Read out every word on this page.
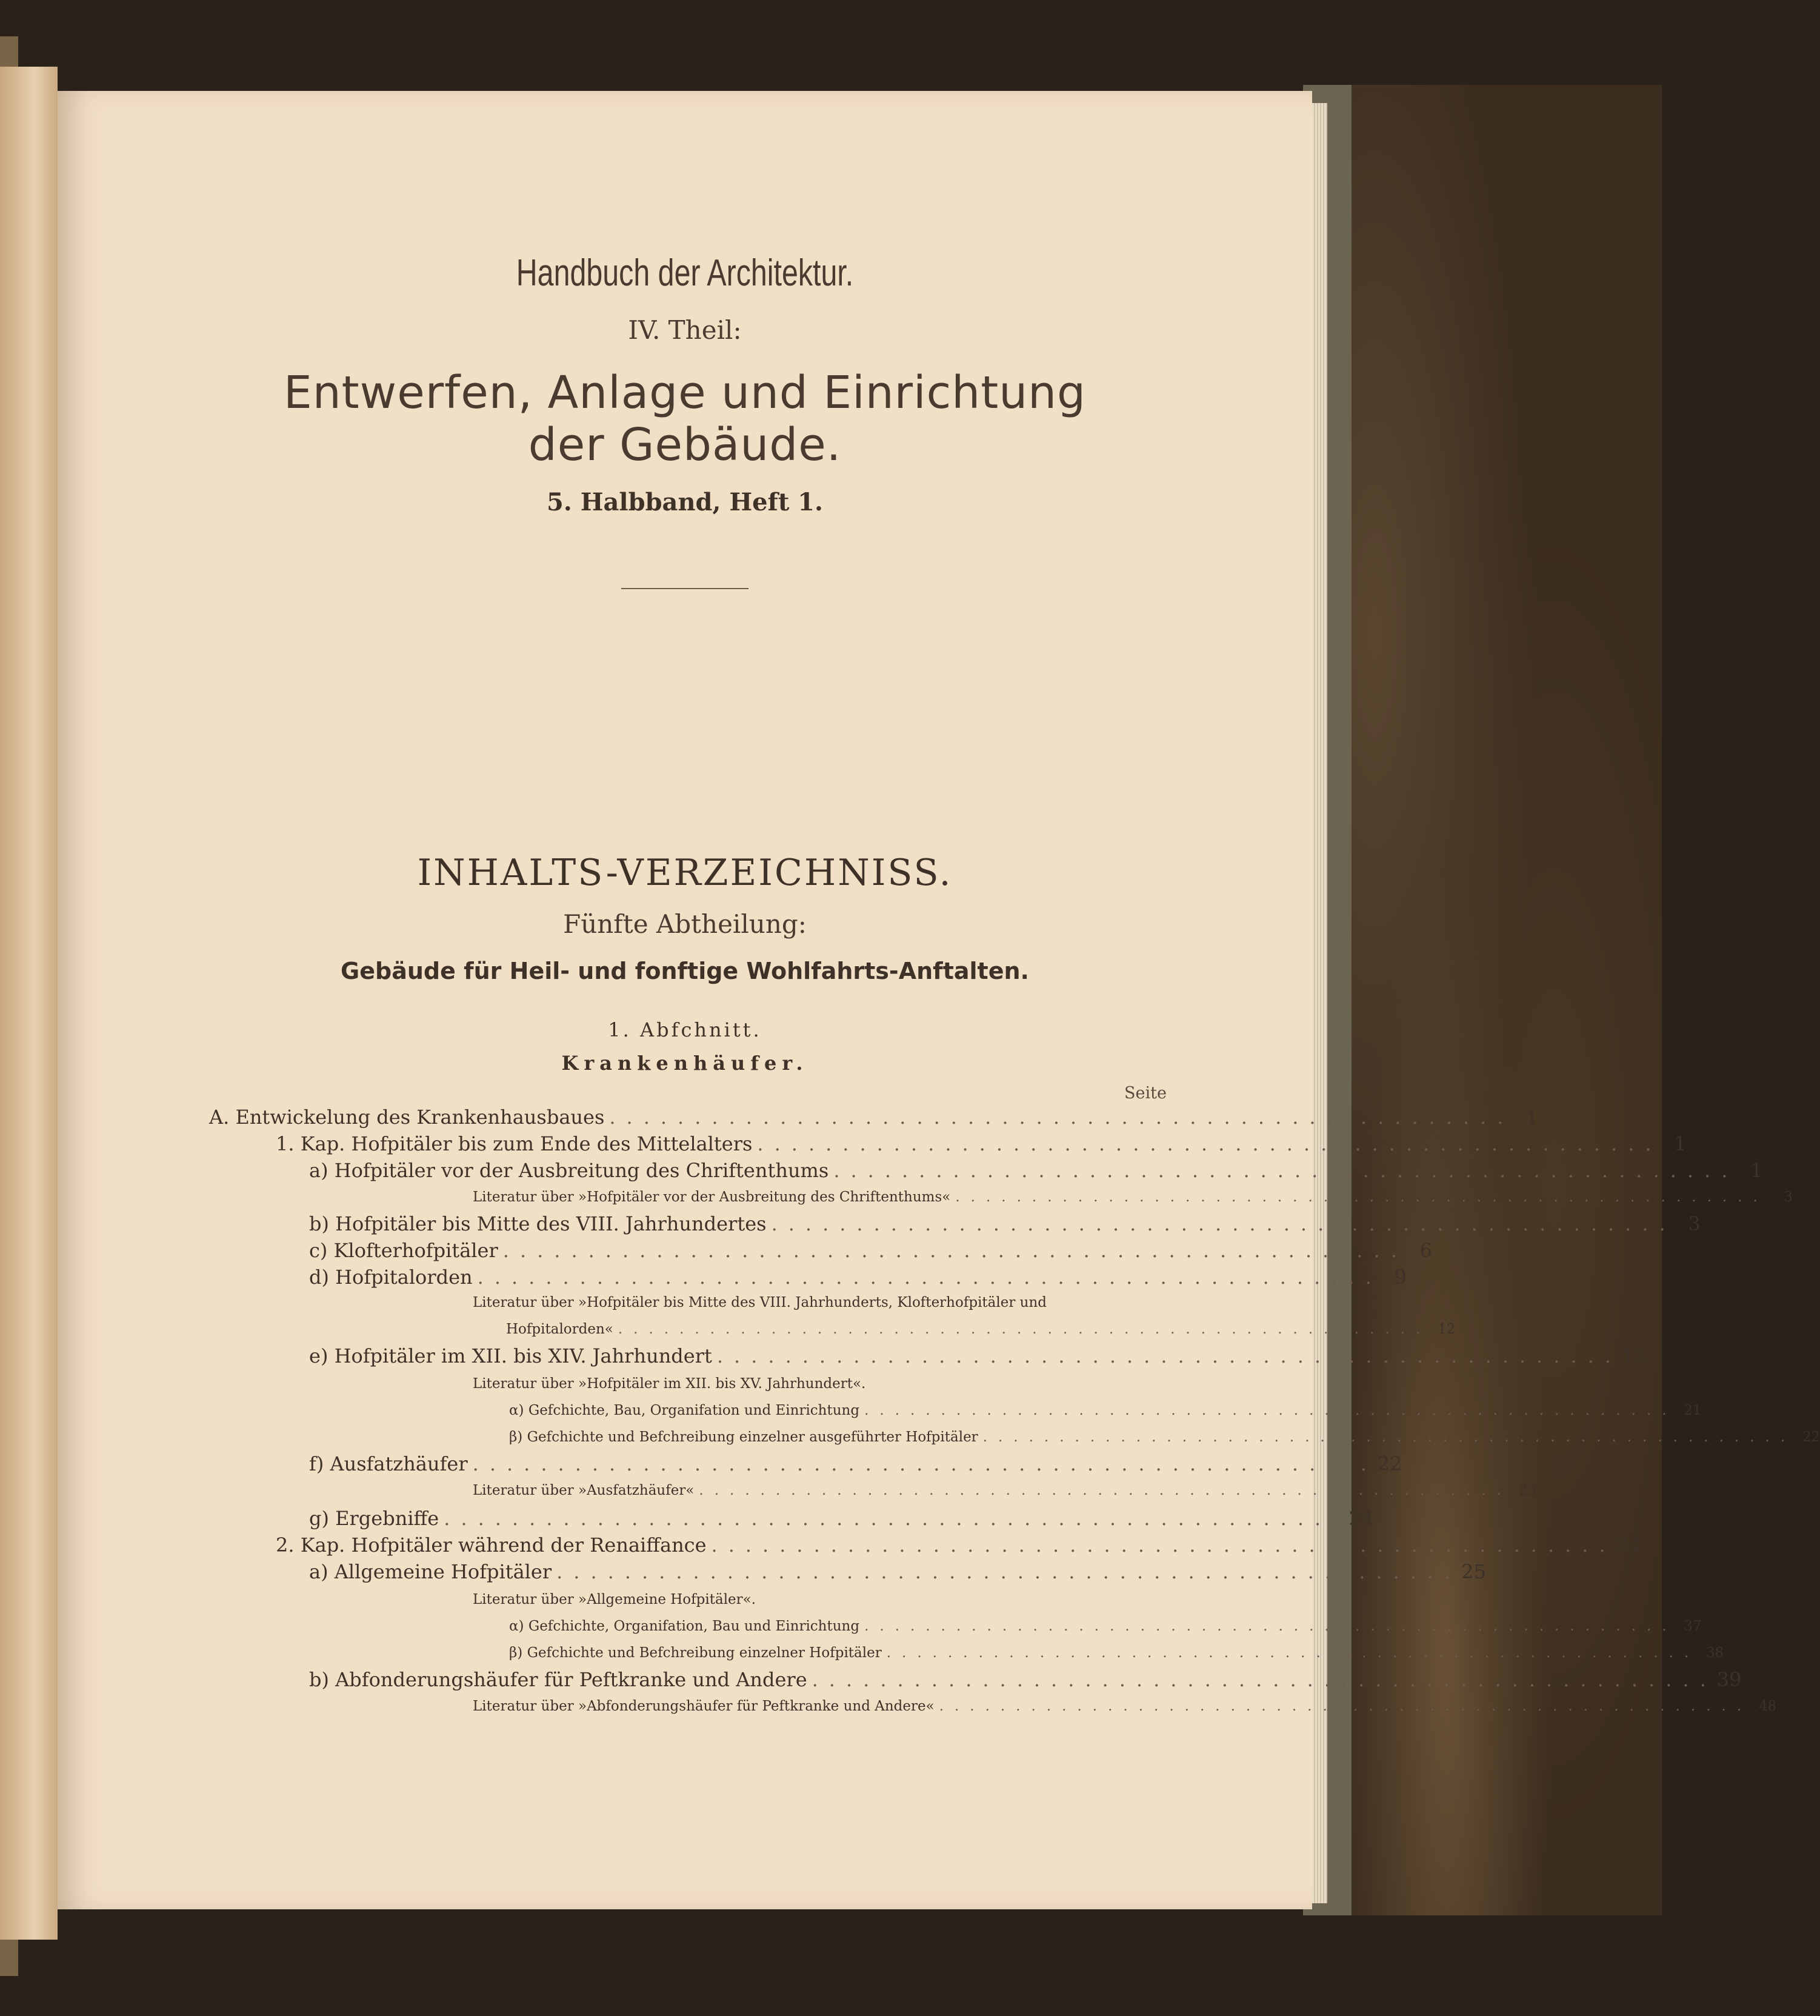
Handbuch der Architektur.
IV. Theil:
Entwerfen, Anlage und Einrichtung
der Gebäude.
5. Halbband, Heft 1.
INHALTS-VERZEICHNISS.
Fünfte Abtheilung:
Gebäude für Heil- und fonftige Wohlfahrts-Anftalten.
1. Abfchnitt.
Krankenhäufer.
Seite
A. Entwickelung des Krankenhausbaues ..................................................... 1
1. Kap. Hofpitäler bis zum Ende des Mittelalters ..................................................... 1
a) Hofpitäler vor der Ausbreitung des Chriftenthums ..................................................... 1
Literatur über »Hofpitäler vor der Ausbreitung des Chriftenthums« .....................................................	3
b) Hofpitäler bis Mitte des VIII. Jahrhundertes ..................................................... 3
c) Klofterhofpitäler ..................................................... 6
d) Hofpitalorden ..................................................... 9
Literatur über »Hofpitäler bis Mitte des VIII. Jahrhunderts, Klofterhofpitäler und
Hofpitalorden« ..................................................... 12
e) Hofpitäler im XII. bis XIV. Jahrhundert ..................................................... 13
Literatur über »Hofpitäler im XII. bis XV. Jahrhundert«.
α) Gefchichte, Bau, Organifation und Einrichtung ..................................................... 21
β) Gefchichte und Befchreibung einzelner ausgeführter Hofpitäler ..................................................... 22
f) Ausfatzhäufer ..................................................... 22
Literatur über »Ausfatzhäufer« ..................................................... 23
g) Ergebniffe ..................................................... 24
2. Kap. Hofpitäler während der Renaiffance ..................................................... 24
a) Allgemeine Hofpitäler ..................................................... 25
Literatur über »Allgemeine Hofpitäler«.
α) Gefchichte, Organifation, Bau und Einrichtung ..................................................... 37
β) Gefchichte und Befchreibung einzelner Hofpitäler ..................................................... 38
b) Abfonderungshäufer für Peftkranke und Andere ..................................................... 39
Literatur über »Abfonderungshäufer für Peftkranke und Andere« ..................................................... 48
